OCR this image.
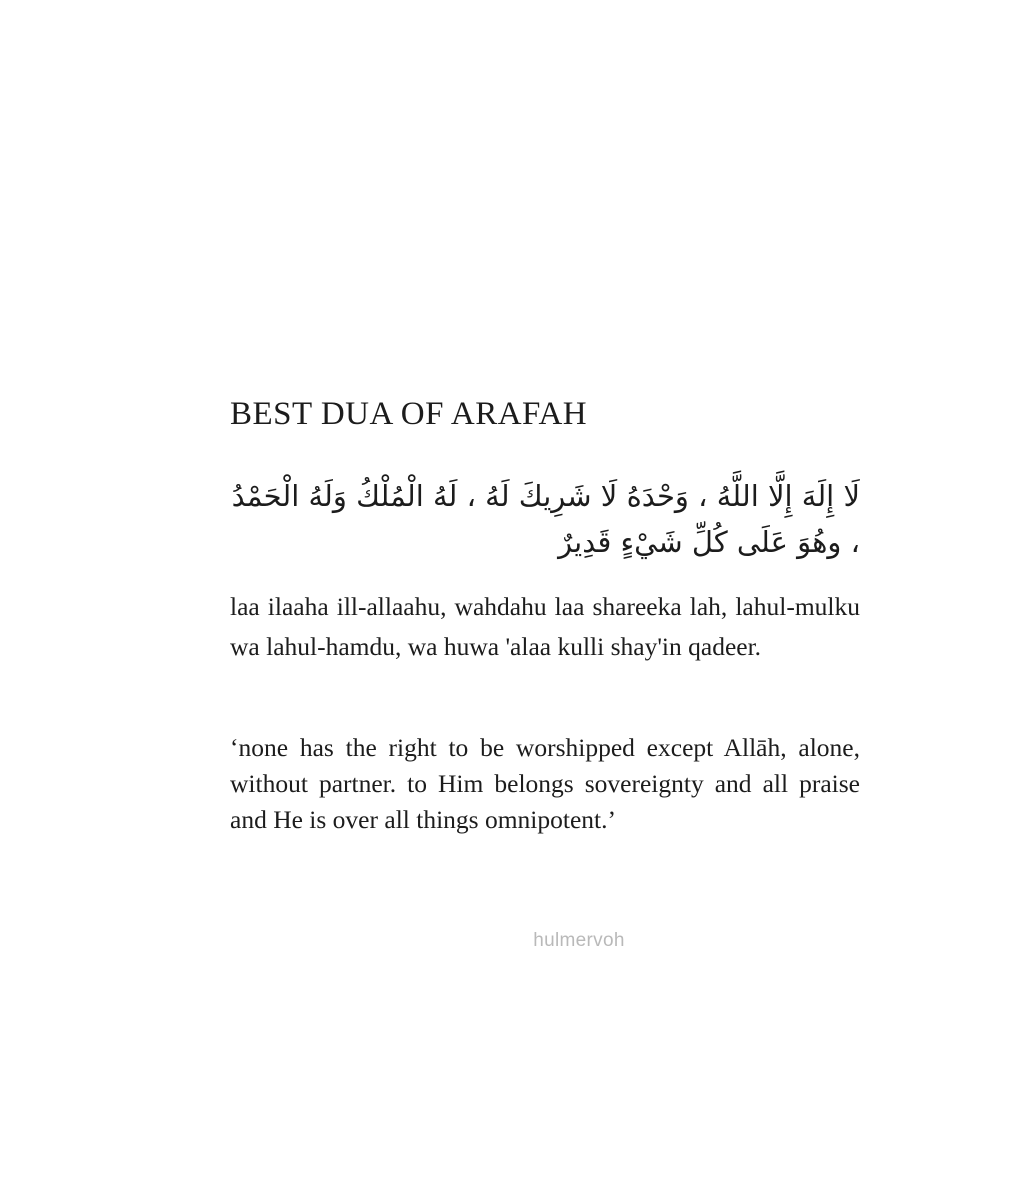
BEST DUA OF ARAFAH
لَا إِلَهَ إِلَّا اللَّهُ ، وَحْدَهُ لَا شَرِيكَ لَهُ ، لَهُ الْمُلْكُ وَلَهُ الْحَمْدُ ، وهُوَ عَلَى كُلِّ شَيْءٍ قَدِيرٌ
laa ilaaha ill-allaahu, wahdahu laa shareeka lah, lahul-mulku wa lahul-hamdu, wa huwa 'alaa kulli shay'in qadeer.
‘none has the right to be worshipped except Allāh, alone, without partner. to Him belongs sovereignty and all praise and He is over all things omnipotent.’
hulmervoh
